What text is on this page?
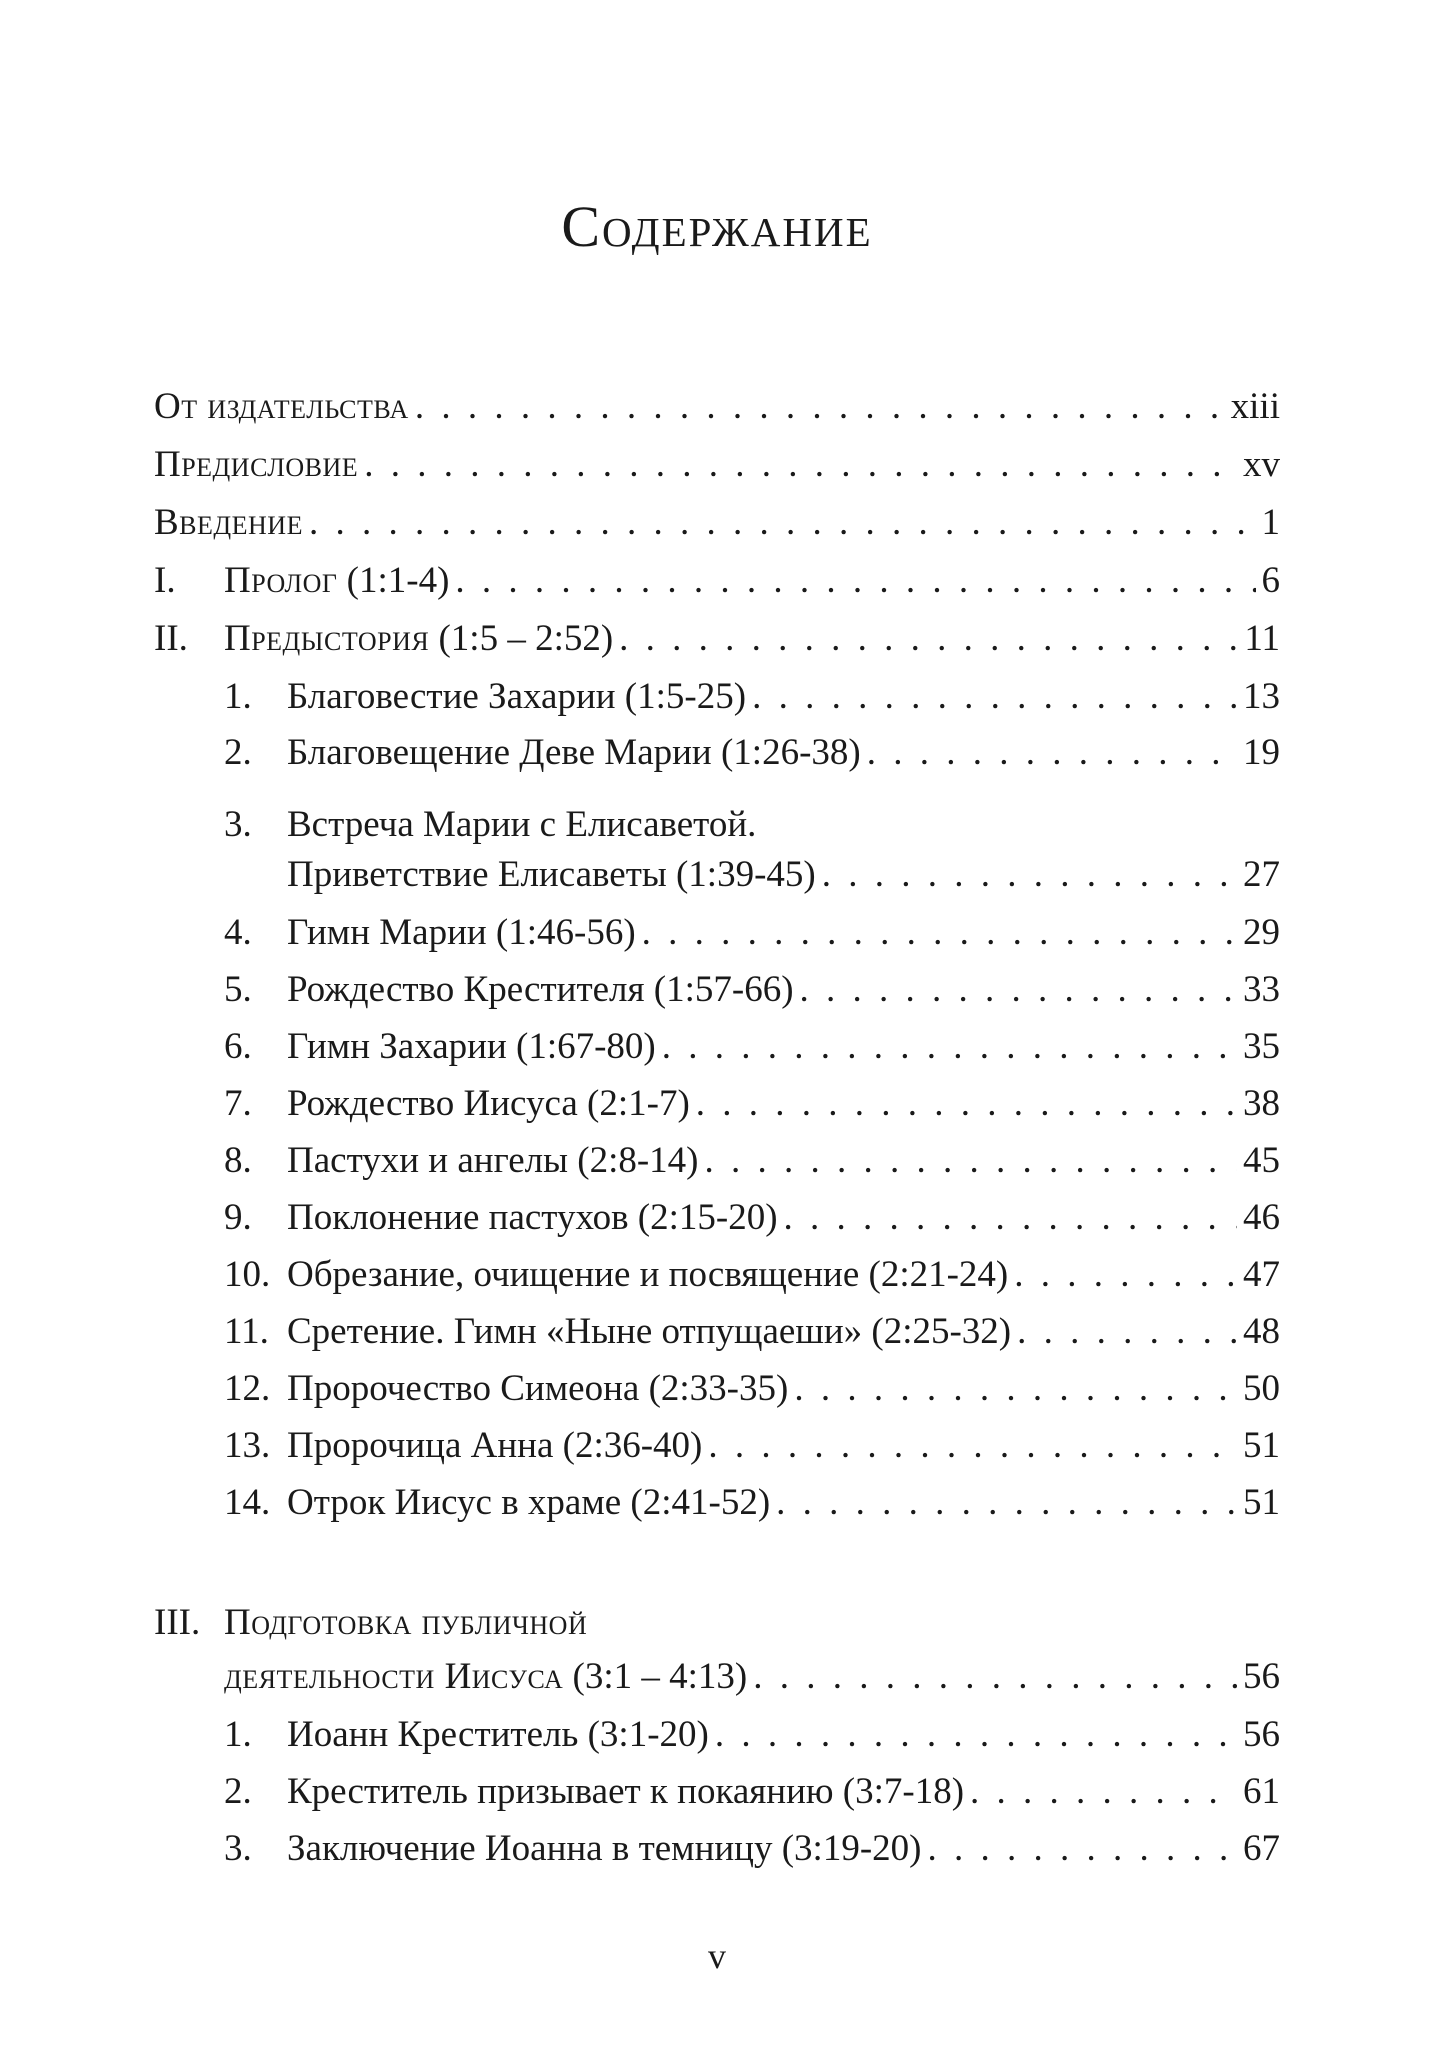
Содержание
От издательства . . .	xiii
Предисловие . . .	xv
Введение . . .	1
I.	Пролог (1:1-4) . . .	6
II. Предыстория (1:5 – 2:52) . . .	11
1. Благовестие Захарии (1:5-25) . . .	13
2. Благовещение Деве Марии (1:26-38) . . .	19
3. Встреча Марии с Елисаветой.
Приветствие Елисаветы (1:39-45) . . .	27
4. Гимн Марии (1:46-56) . . .	29
5. Рождество Крестителя (1:57-66) . . .	33
6. Гимн Захарии (1:67-80) . . .	35
7. Рождество Иисуса (2:1-7) . . .	38
8. Пастухи и ангелы (2:8-14) . . .	45
9. Поклонение пастухов (2:15-20) . . .	46
10. Обрезание, очищение и посвящение (2:21-24) . . .	47
11. Сретение. Гимн «Ныне отпущаеши» (2:25-32) . . .	48
12. Пророчество Симеона (2:33-35) . . .	50
13. Пророчица Анна (2:36-40) . . .	51
14. Отрок Иисус в храме (2:41-52) . . .	51
III. Подготовка публичной
деятельности Иисуса (3:1 – 4:13) . . .	56
1. Иоанн Креститель (3:1-20) . . .	56
2. Креститель призывает к покаянию (3:7-18) . . .	61
3. Заключение Иоанна в темницу (3:19-20) . . .	67
v
